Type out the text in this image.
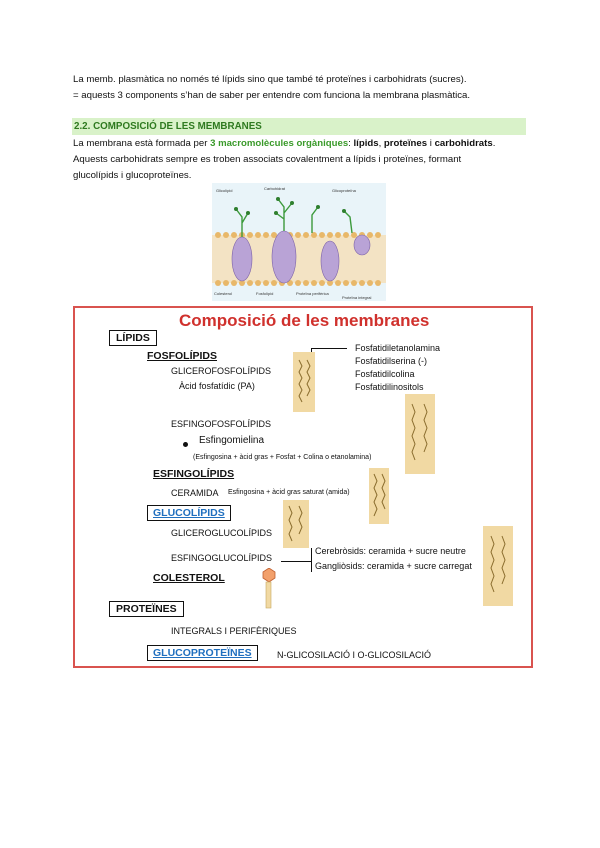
La memb. plasmàtica no només té lípids sino que també té proteïnes i carbohidrats (sucres).
= aquests 3 components s’han de saber per entendre com funciona la membrana plasmàtica.
2.2. COMPOSICIÓ DE LES MEMBRANES
La membrana està formada per 3 macromolècules orgàniques: lípids, proteïnes i carbohidrats.
Aquests carbohidrats sempre es troben associats covalentment a lípids i proteïnes, formant
glucolípids i glucoproteïnes.
Glicolípid	Carbohidrat	Glicoproteïna
Colesterol	Fosfolípid	Proteïna perifèrica
Proteïna integral
Composició de les membranes
LÍPIDS
FOSFOLÍPIDS
GLICEROFOSFOLÍPIDS
Àcid fosfatídic (PA)
Fosfatidiletanolamina
Fosfatidilserina (-)
Fosfatidilcolina
Fosfatidilinositols
ESFINGOFOSFOLÍPIDS
Esfingomielina
(Esfingosina + àcid gras + Fosfat + Colina o etanolamina)
ESFINGOLÍPIDS
CERAMIDA Esfingosina + àcid gras saturat (amida)
GLUCOLÍPIDS
GLICEROGLUCOLÍPIDS
ESFINGOGLUCOLÍPIDS
Cerebròsids: ceramida + sucre neutre
Gangliòsids: ceramida + sucre carregat
COLESTEROL
PROTEÏNES
INTEGRALS I PERIFÈRIQUES
GLUCOPROTEÏNES	N-GLICOSILACIÓ I O-GLICOSILACIÓ
